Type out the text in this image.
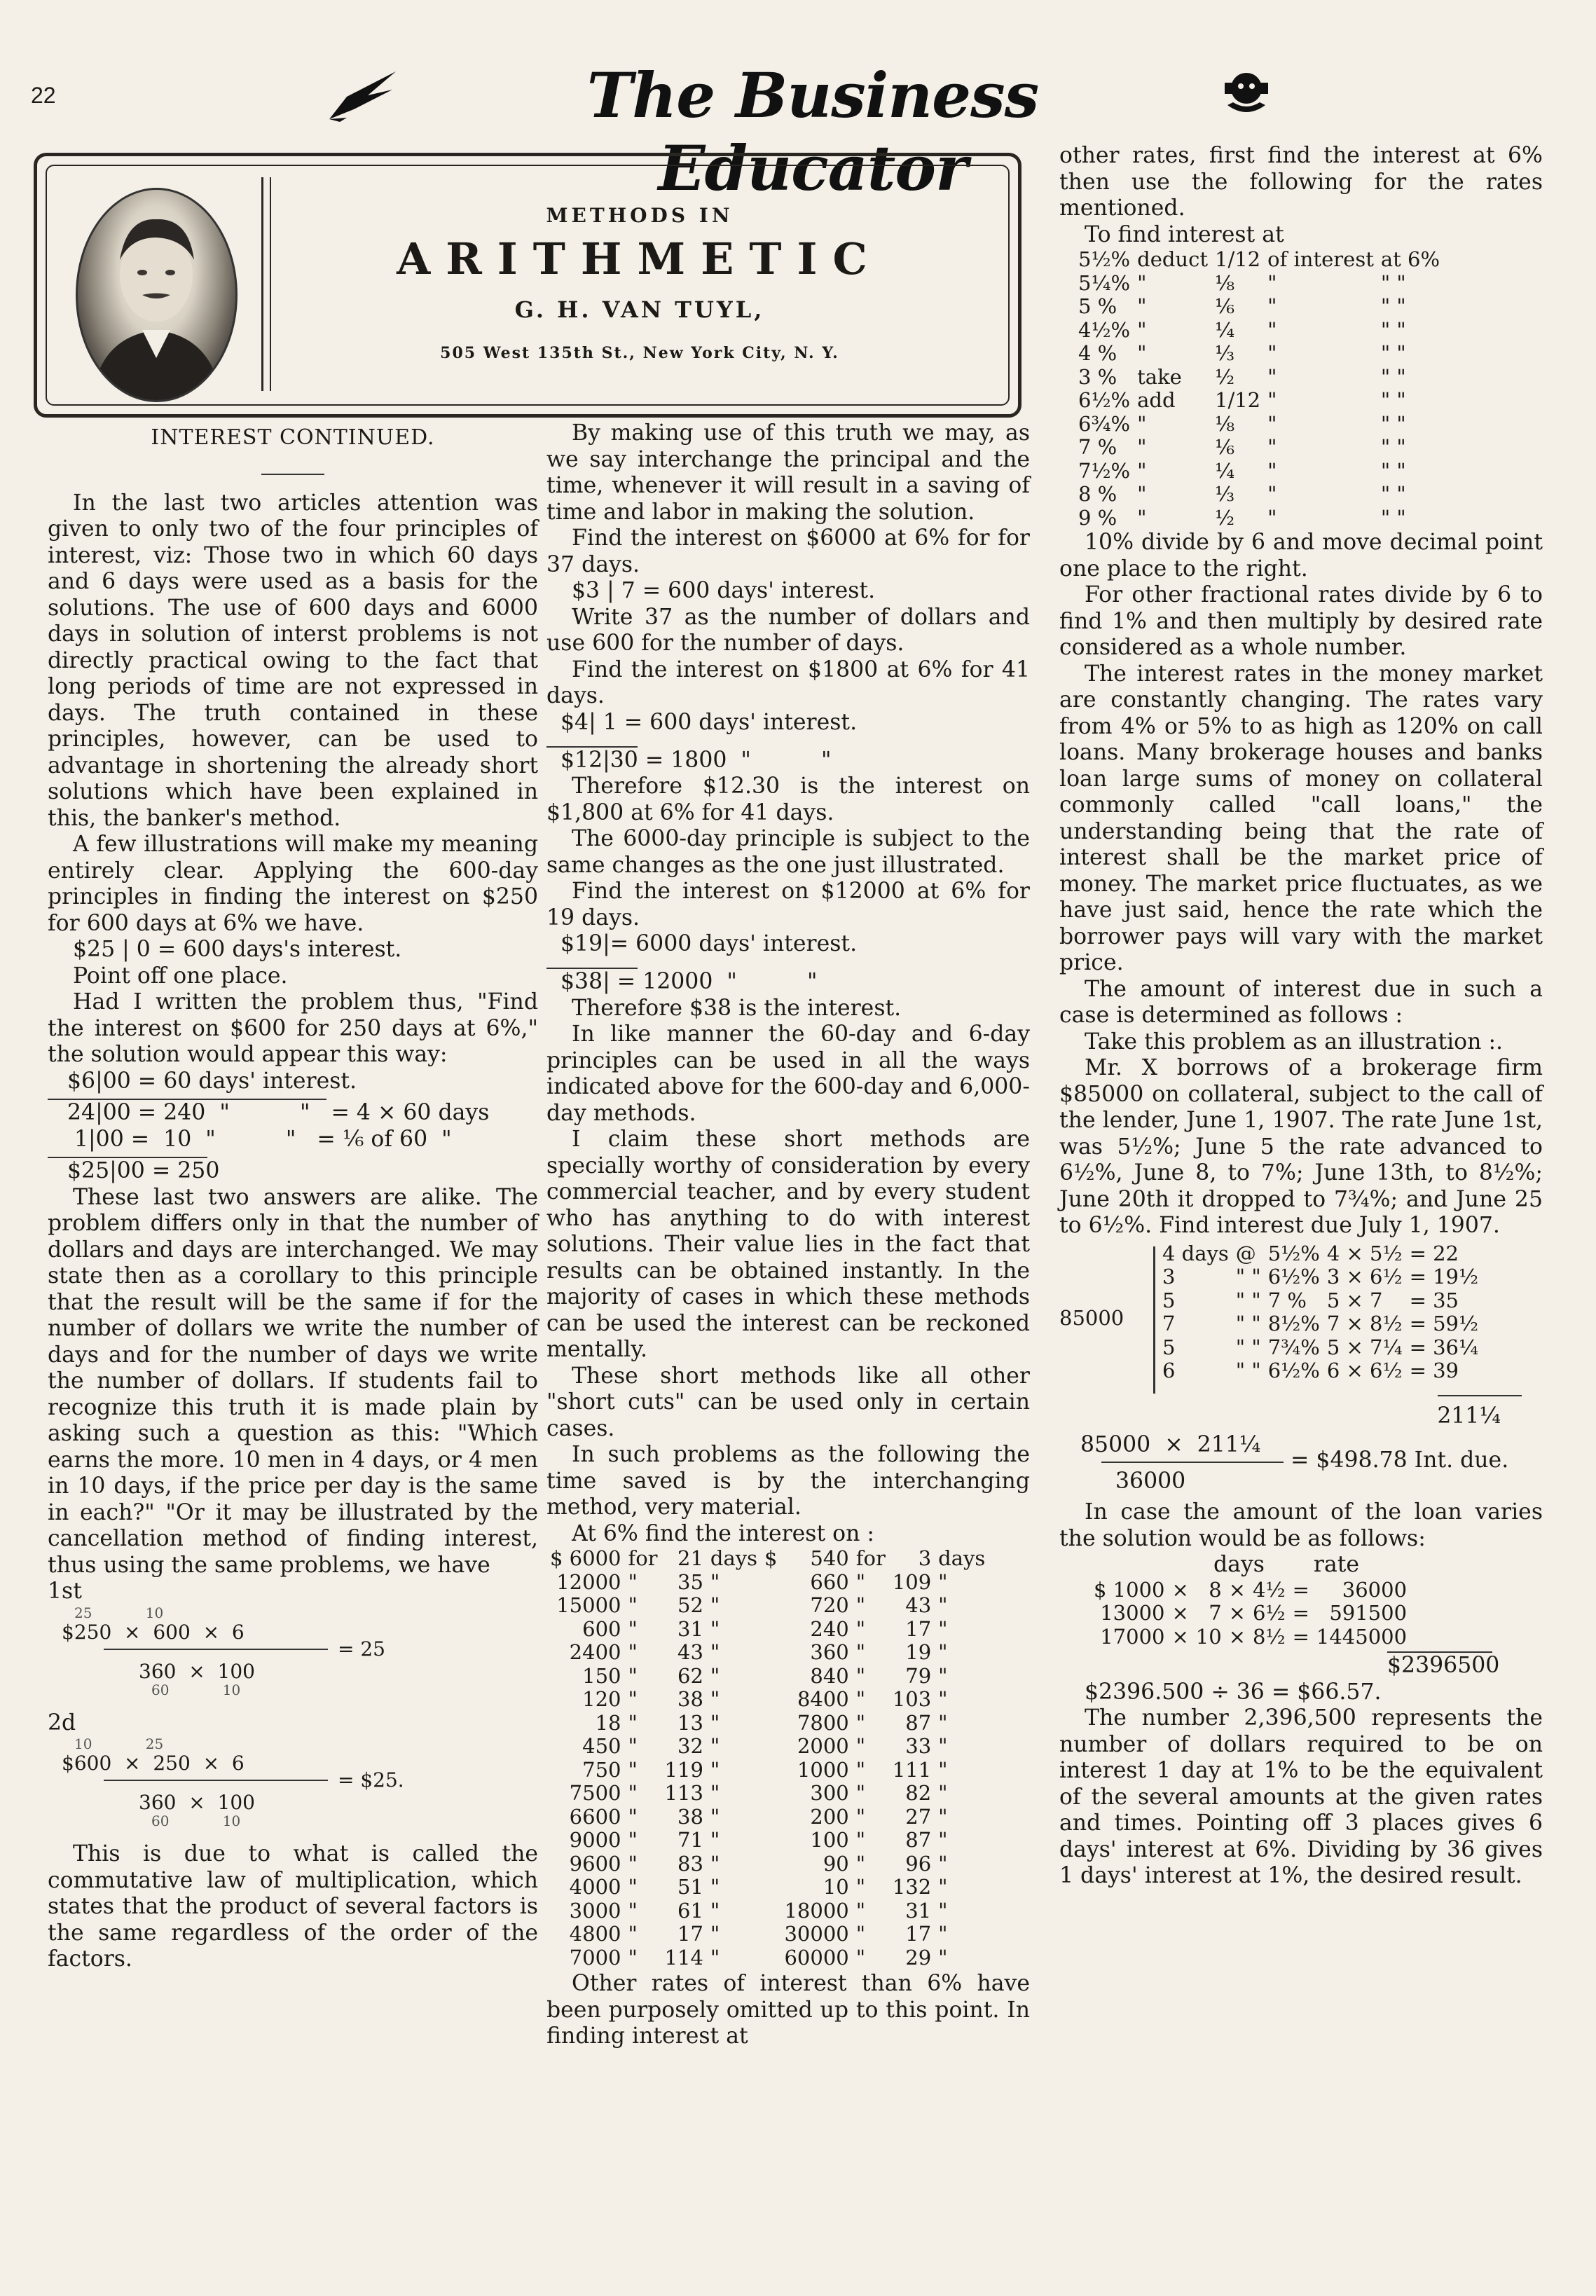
22	The Business Educator
METHODS IN
ARITHMETIC
G. H. VAN TUYL,
505 West 135th St., New York City, N. Y.
INTEREST CONTINUED.

In the last two articles attention was given to only two of the four principles of interest, viz: Those two in which 60 days and 6 days were used as a basis for the solutions. The use of 600 days and 6000 days in solution of interst problems is not directly practical owing to the fact that long periods of time are not expressed in days. The truth contained in these principles, however, can be used to advantage in shortening the already short solutions which have been explained in this, the banker's method.

A few illustrations will make my meaning entirely clear. Applying the 600-day principles in finding the interest on $250 for 600 days at 6% we have.

$25 | 0 = 600 days's interest.

Point off one place.

Had I written the problem thus, "Find the interest on $600 for 250 days at 6%," the solution would appear this way:

$6|00 = 60 days' interest.
24|00 = 240  "          "   = 4 × 60 days
1|00 =  10  "          "   = ⅙ of 60  "
$25|00 = 250

These last two answers are alike. The problem differs only in that the number of dollars and days are interchanged. We may state then as a corollary to this principle that the result will be the same if for the number of dollars we write the number of days and for the number of days we write the number of dollars. If students fail to recognize this truth it is made plain by asking such a question as this: "Which earns the more. 10 men in 4 days, or 4 men in 10 days, if the price per day is the same in each?" "Or it may be illustrated by the cancellation method of finding interest, thus using the same problems, we have

1st
25            10
$250  ×  600  ×  6
= 25
360  ×  100
60            10
2d
10            25
$600  ×  250  ×  6
= $25.
360  ×  100
60            10

This is due to what is called the commutative law of multiplication, which states that the product of several factors is the same regardless of the order of the factors.

By making use of this truth we may, as we say interchange the principal and the time, whenever it will result in a saving of time and labor in making the solution.

Find the interest on $6000 at 6% for for 37 days.

$3 | 7 = 600 days' interest.

Write 37 as the number of dollars and use 600 for the number of days.

Find the interest on $1800 at 6% for 41 days.

$4| 1 = 600 days' interest.
$12|30 = 1800  "          "

Therefore $12.30 is the interest on $1,800 at 6% for 41 days.

The 6000-day principle is subject to the same changes as the one just illustrated.

Find the interest on $12000 at 6% for 19 days.

$19|= 6000 days' interest.
$38| = 12000  "          "

Therefore $38 is the interest.

In like manner the 60-day and 6-day principles can be used in all the ways indicated above for the 600-day and 6,000-day methods.

I claim these short methods are specially worthy of consideration by every commercial teacher, and by every student who has anything to do with interest solutions. Their value lies in the fact that results can be obtained instantly. In the majority of cases in which these methods can be used the interest can be reckoned mentally.

These short methods like all other "short cuts" can be used only in certain cases.

In such problems as the following the time saved is by the interchanging method, very material.

At 6% find the interest on :

$ 6000	for	21	days	$	540	for	3	days
12000	"	35	"		660	"	109	"
15000	"	52	"		720	"	43	"
600	"	31	"		240	"	17	"
2400	"	43	"		360	"	19	"
150	"	62	"		840	"	79	"
120	"	38	"		8400	"	103	"
18	"	13	"		7800	"	87	"
450	"	32	"		2000	"	33	"
750	"	119	"		1000	"	111	"
7500	"	113	"		300	"	82	"
6600	"	38	"		200	"	27	"
9000	"	71	"		100	"	87	"
9600	"	83	"		90	"	96	"
4000	"	51	"		10	"	132	"
3000	"	61	"		18000	"	31	"
4800	"	17	"		30000	"	17	"
7000	"	114	"		60000	"	29	"

Other rates of interest than 6% have been purposely omitted up to this point. In finding interest at

other rates, first find the interest at 6% then use the following for the rates mentioned.

To find interest at

5½%	deduct	1/12	of interest	at 6%
5¼%	"	⅛	"	" "
5 %	"	⅙	"	" "
4½%	"	¼	"	" "
4 %	"	⅓	"	" "
3 %	take	½	"	" "
6½%	add	1/12	"	" "
6¾%	"	⅛	"	" "
7 %	"	⅙	"	" "
7½%	"	¼	"	" "
8 %	"	⅓	"	" "
9 %	"	½	"	" "

10% divide by 6 and move decimal point one place to the right.

For other fractional rates divide by 6 to find 1% and then multiply by desired rate considered as a whole number.

The interest rates in the money market are constantly changing. The rates vary from 4% or 5% to as high as 120% on call loans. Many brokerage houses and banks loan large sums of money on collateral commonly called "call loans," the understanding being that the rate of interest shall be the market price of money. The market price fluctuates, as we have just said, hence the rate which the borrower pays will vary with the market price.

The amount of interest due in such a case is determined as follows :

Take this problem as an illustration :.

Mr. X borrows of a brokerage firm $85000 on collateral, subject to the call of the lender, June 1, 1907. The rate June 1st, was 5½%; June 5 the rate advanced to 6½%, June 8, to 7%; June 13th, to 8½%; June 20th it dropped to 7¾%; and June 25 to 6½%. Find interest due July 1, 1907.

85000
4 days	@	5½%	4 × 5½	= 22
3	" "	6½%	3 × 6½	= 19½
5	" "	7 %	5 × 7	= 35
7	" "	8½%	7 × 8½	= 59½
5	" "	7¾%	5 × 7¼	= 36¼
6	" "	6½%	6 × 6½	= 39
211¼
85000  ×  211¼
= $498.78 Int. due.
36000

In case the amount of the loan varies the solution would be as follows:

days rate
$ 1000	×	8	×	4½	=	36000
13000	×	7	×	6½	=	591500
17000	×	10	×	8½	=	1445000
$2396500
$2396.500 ÷ 36 = $66.57.

The number 2,396,500 represents the number of dollars required to be on interest 1 day at 1% to be the equivalent of the several amounts at the given rates and times. Pointing off 3 places gives 6 days' interest at 6%. Dividing by 36 gives 1 days' interest at 1%, the desired result.
